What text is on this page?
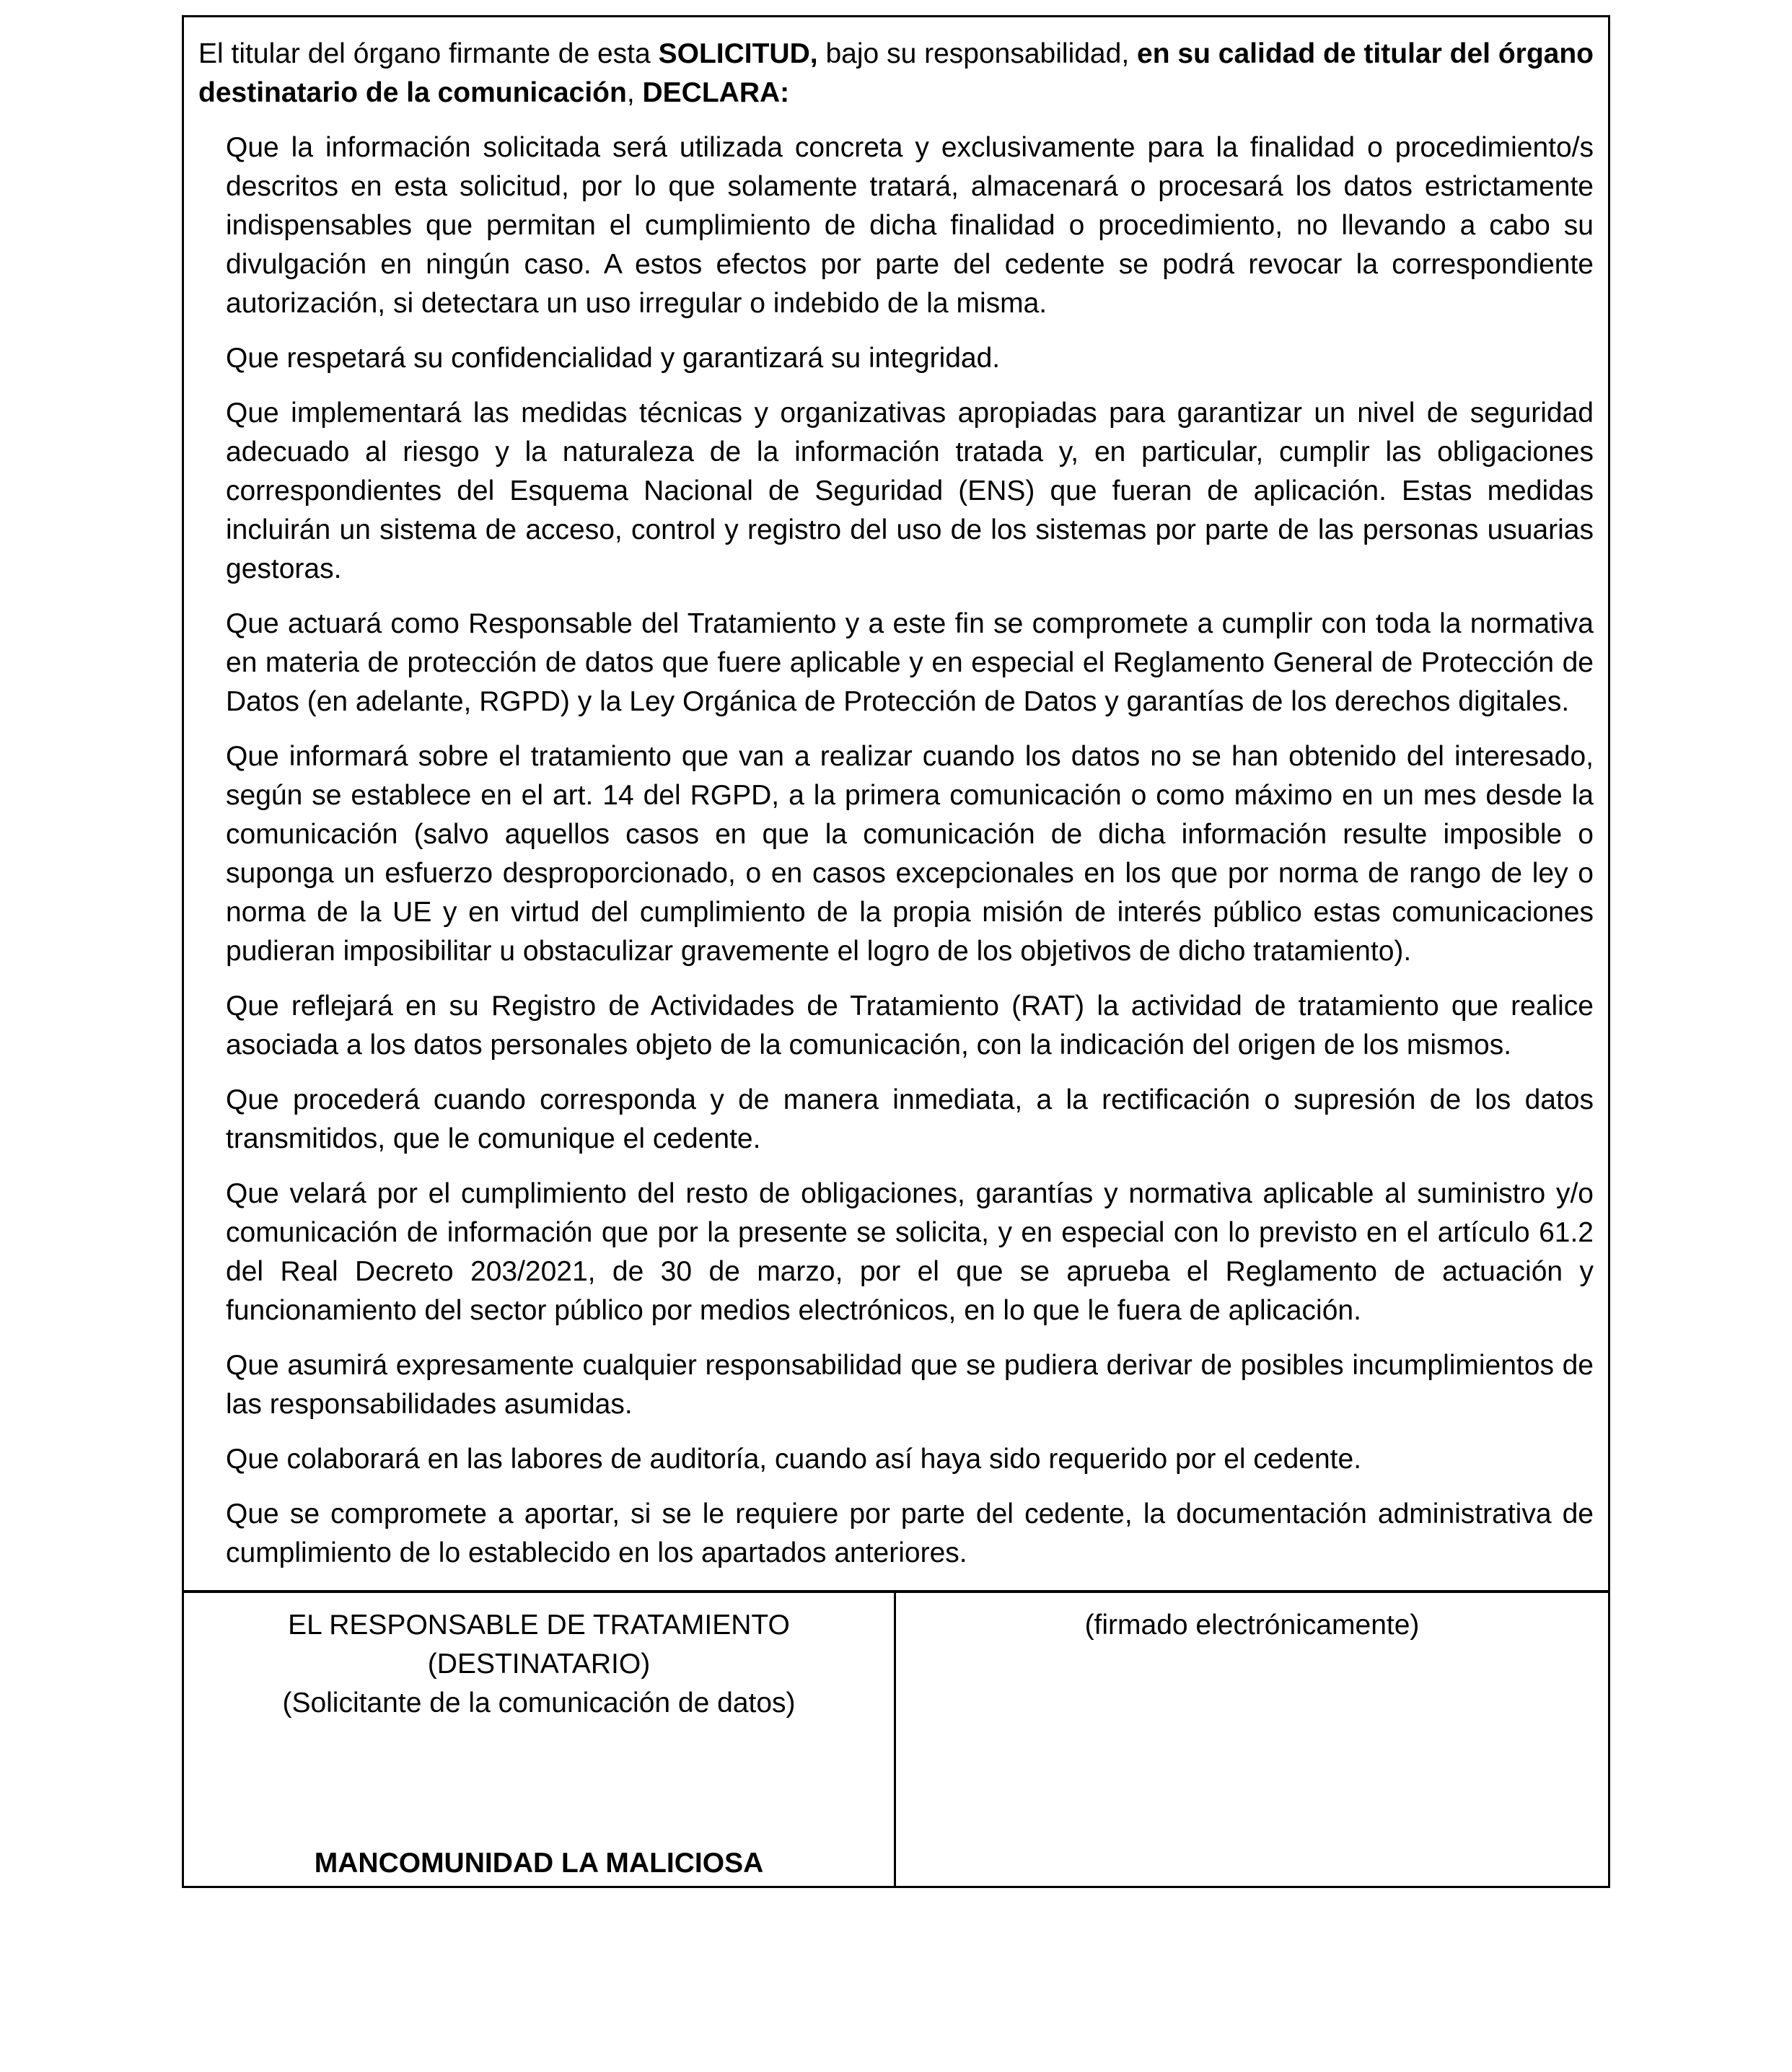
El titular del órgano firmante de esta SOLICITUD, bajo su responsabilidad, en su calidad de titular del órgano destinatario de la comunicación, DECLARA:

Que la información solicitada será utilizada concreta y exclusivamente para la finalidad o procedimiento/s descritos en esta solicitud, por lo que solamente tratará, almacenará o procesará los datos estrictamente indispensables que permitan el cumplimiento de dicha finalidad o procedimiento, no llevando a cabo su divulgación en ningún caso. A estos efectos por parte del cedente se podrá revocar la correspondiente autorización, si detectara un uso irregular o indebido de la misma.

Que respetará su confidencialidad y garantizará su integridad.

Que implementará las medidas técnicas y organizativas apropiadas para garantizar un nivel de seguridad adecuado al riesgo y la naturaleza de la información tratada y, en particular, cumplir las obligaciones correspondientes del Esquema Nacional de Seguridad (ENS) que fueran de aplicación. Estas medidas incluirán un sistema de acceso, control y registro del uso de los sistemas por parte de las personas usuarias gestoras.

Que actuará como Responsable del Tratamiento y a este fin se compromete a cumplir con toda la normativa en materia de protección de datos que fuere aplicable y en especial el Reglamento General de Protección de Datos (en adelante, RGPD) y la Ley Orgánica de Protección de Datos y garantías de los derechos digitales.

Que informará sobre el tratamiento que van a realizar cuando los datos no se han obtenido del interesado, según se establece en el art. 14 del RGPD, a la primera comunicación o como máximo en un mes desde la comunicación (salvo aquellos casos en que la comunicación de dicha información resulte imposible o suponga un esfuerzo desproporcionado, o en casos excepcionales en los que por norma de rango de ley o norma de la UE y en virtud del cumplimiento de la propia misión de interés público estas comunicaciones pudieran imposibilitar u obstaculizar gravemente el logro de los objetivos de dicho tratamiento).

Que reflejará en su Registro de Actividades de Tratamiento (RAT) la actividad de tratamiento que realice asociada a los datos personales objeto de la comunicación, con la indicación del origen de los mismos.

Que procederá cuando corresponda y de manera inmediata, a la rectificación o supresión de los datos transmitidos, que le comunique el cedente.

Que velará por el cumplimiento del resto de obligaciones, garantías y normativa aplicable al suministro y/o comunicación de información que por la presente se solicita, y en especial con lo previsto en el artículo 61.2 del Real Decreto 203/2021, de 30 de marzo, por el que se aprueba el Reglamento de actuación y funcionamiento del sector público por medios electrónicos, en lo que le fuera de aplicación.

Que asumirá expresamente cualquier responsabilidad que se pudiera derivar de posibles incumplimientos de las responsabilidades asumidas.

Que colaborará en las labores de auditoría, cuando así haya sido requerido por el cedente.

Que se compromete a aportar, si se le requiere por parte del cedente, la documentación administrativa de cumplimiento de lo establecido en los apartados anteriores.

EL RESPONSABLE DE TRATAMIENTO
(DESTINATARIO)
(Solicitante de la comunicación de datos)
MANCOMUNIDAD LA MALICIOSA
(firmado electrónicamente)
